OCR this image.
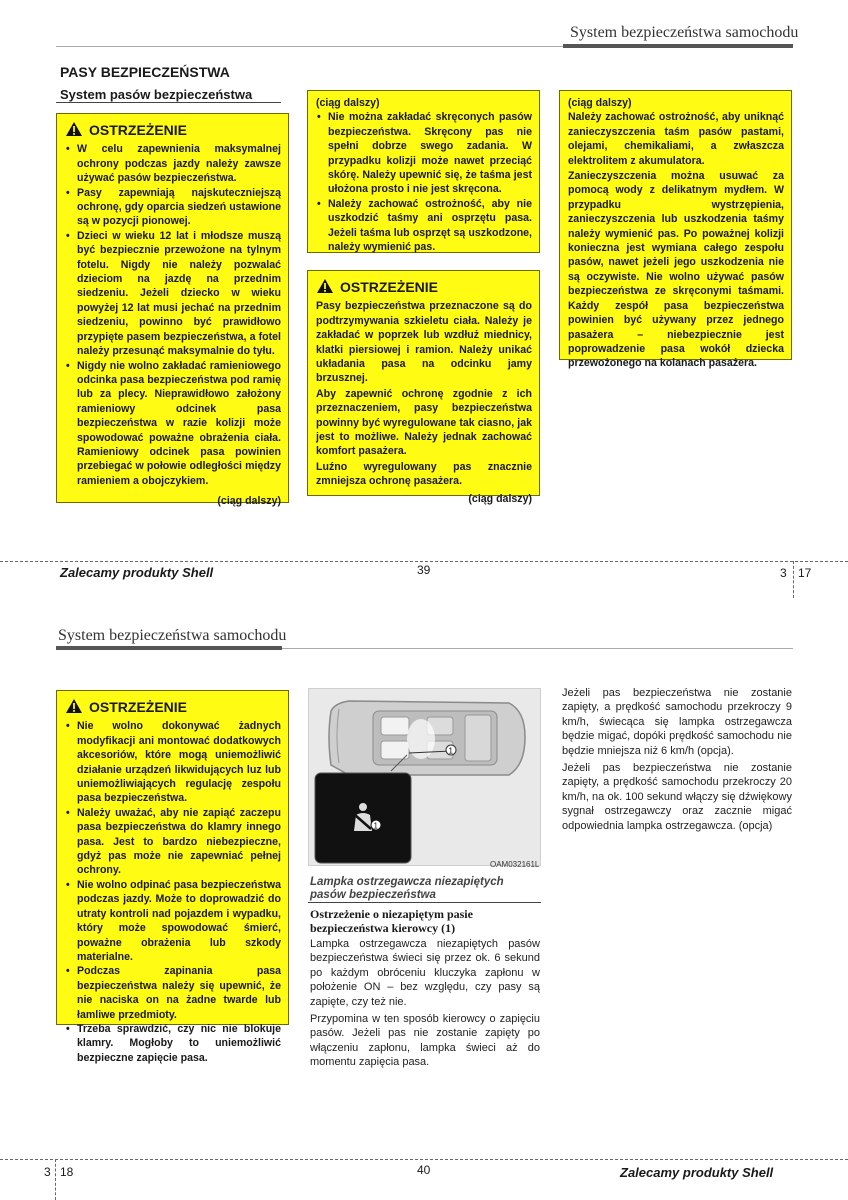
System bezpieczeństwa samochodu
PASY BEZPIECZEŃSTWA
System pasów bezpieczeństwa
OSTRZEŻENIE
• W celu zapewnienia maksymalnej ochrony podczas jazdy należy zawsze używać pasów bezpieczeństwa.
• Pasy zapewniają najskuteczniejszą ochronę, gdy oparcia siedzeń ustawione są w pozycji pionowej.
• Dzieci w wieku 12 lat i młodsze muszą być bezpiecznie przewożone na tylnym fotelu. Nigdy nie należy pozwalać dzieciom na jazdę na przednim siedzeniu. Jeżeli dziecko w wieku powyżej 12 lat musi jechać na przednim siedzeniu, powinno być prawidłowo przypięte pasem bezpieczeństwa, a fotel należy przesunąć maksymalnie do tyłu.
• Nigdy nie wolno zakładać ramieniowego odcinka pasa bezpieczeństwa pod ramię lub za plecy. Nieprawidłowo założony ramieniowy odcinek pasa bezpieczeństwa w razie kolizji może spowodować poważne obrażenia ciała. Ramieniowy odcinek pasa powinien przebiegać w połowie odległości między ramieniem a obojczykiem.
(ciąg dalszy)
(ciąg dalszy)
• Nie można zakładać skręconych pasów bezpieczeństwa. Skręcony pas nie spełni dobrze swego zadania. W przypadku kolizji może nawet przeciąć skórę. Należy upewnić się, że taśma jest ułożona prosto i nie jest skręcona.
• Należy zachować ostrożność, aby nie uszkodzić taśmy ani osprzętu pasa. Jeżeli taśma lub osprzęt są uszkodzone, należy wymienić pas.
OSTRZEŻENIE

Pasy bezpieczeństwa przeznaczone są do podtrzymywania szkieletu ciała. Należy je zakładać w poprzek lub wzdłuż miednicy, klatki piersiowej i ramion. Należy unikać układania pasa na odcinku jamy brzusznej.

Aby zapewnić ochronę zgodnie z ich przeznaczeniem, pasy bezpieczeństwa powinny być wyregulowane tak ciasno, jak jest to możliwe. Należy jednak zachować komfort pasażera.

Luźno wyregulowany pas znacznie zmniejsza ochronę pasażera.

(ciąg dalszy)
(ciąg dalszy)

Należy zachować ostrożność, aby uniknąć zanieczyszczenia taśm pasów pastami, olejami, chemikaliami, a zwłaszcza elektrolitem z akumulatora.

Zanieczyszczenia można usuwać za pomocą wody z delikatnym mydłem. W przypadku wystrzępienia, zanieczyszczenia lub uszkodzenia taśmy należy wymienić pas. Po poważnej kolizji konieczna jest wymiana całego zespołu pasów, nawet jeżeli jego uszkodzenia nie są oczywiste. Nie wolno używać pasów bezpieczeństwa ze skręconymi taśmami. Każdy zespół pasa bezpieczeństwa powinien być używany przez jednego pasażera – niebezpiecznie jest poprowadzenie pasa wokół dziecka przewożonego na kolanach pasażera.

Zalecamy produkty Shell	39	3 17
System bezpieczeństwa samochodu
OSTRZEŻENIE
• Nie wolno dokonywać żadnych modyfikacji ani montować dodatkowych akcesoriów, które mogą uniemożliwić działanie urządzeń likwidujących luz lub uniemożliwiających regulację zespołu pasa bezpieczeństwa.
• Należy uważać, aby nie zapiąć zaczepu pasa bezpieczeństwa do klamry innego pasa. Jest to bardzo niebezpieczne, gdyż pas może nie zapewniać pełnej ochrony.
• Nie wolno odpinać pasa bezpieczeństwa podczas jazdy. Może to doprowadzić do utraty kontroli nad pojazdem i wypadku, który może spowodować śmierć, poważne obrażenia lub szkody materialne.
• Podczas zapinania pasa bezpieczeństwa należy się upewnić, że nie naciska on na żadne twarde lub łamliwe przedmioty.
• Trzeba sprawdzić, czy nic nie blokuje klamry. Mogłoby to uniemożliwić bezpieczne zapięcie pasa.
1
1
OAM032161L
Lampka ostrzegawcza niezapiętych pasów bezpieczeństwa
Ostrzeżenie o niezapiętym pasie bezpieczeństwa kierowcy (1)

Lampka ostrzegawcza niezapiętych pasów bezpieczeństwa świeci się przez ok. 6 sekund po każdym obróceniu kluczyka zapłonu w położenie ON – bez względu, czy pasy są zapięte, czy też nie.

Przypomina w ten sposób kierowcy o zapięciu pasów. Jeżeli pas nie zostanie zapięty po włączeniu zapłonu, lampka świeci aż do momentu zapięcia pasa.

Jeżeli pas bezpieczeństwa nie zostanie zapięty, a prędkość samochodu przekroczy 9 km/h, świecąca się lampka ostrzegawcza będzie migać, dopóki prędkość samochodu nie będzie mniejsza niż 6 km/h (opcja).

Jeżeli pas bezpieczeństwa nie zostanie zapięty, a prędkość samochodu przekroczy 20 km/h, na ok. 100 sekund włączy się dźwiękowy sygnał ostrzegawczy oraz zacznie migać odpowiednia lampka ostrzegawcza. (opcja)

3 18	40	Zalecamy produkty Shell
